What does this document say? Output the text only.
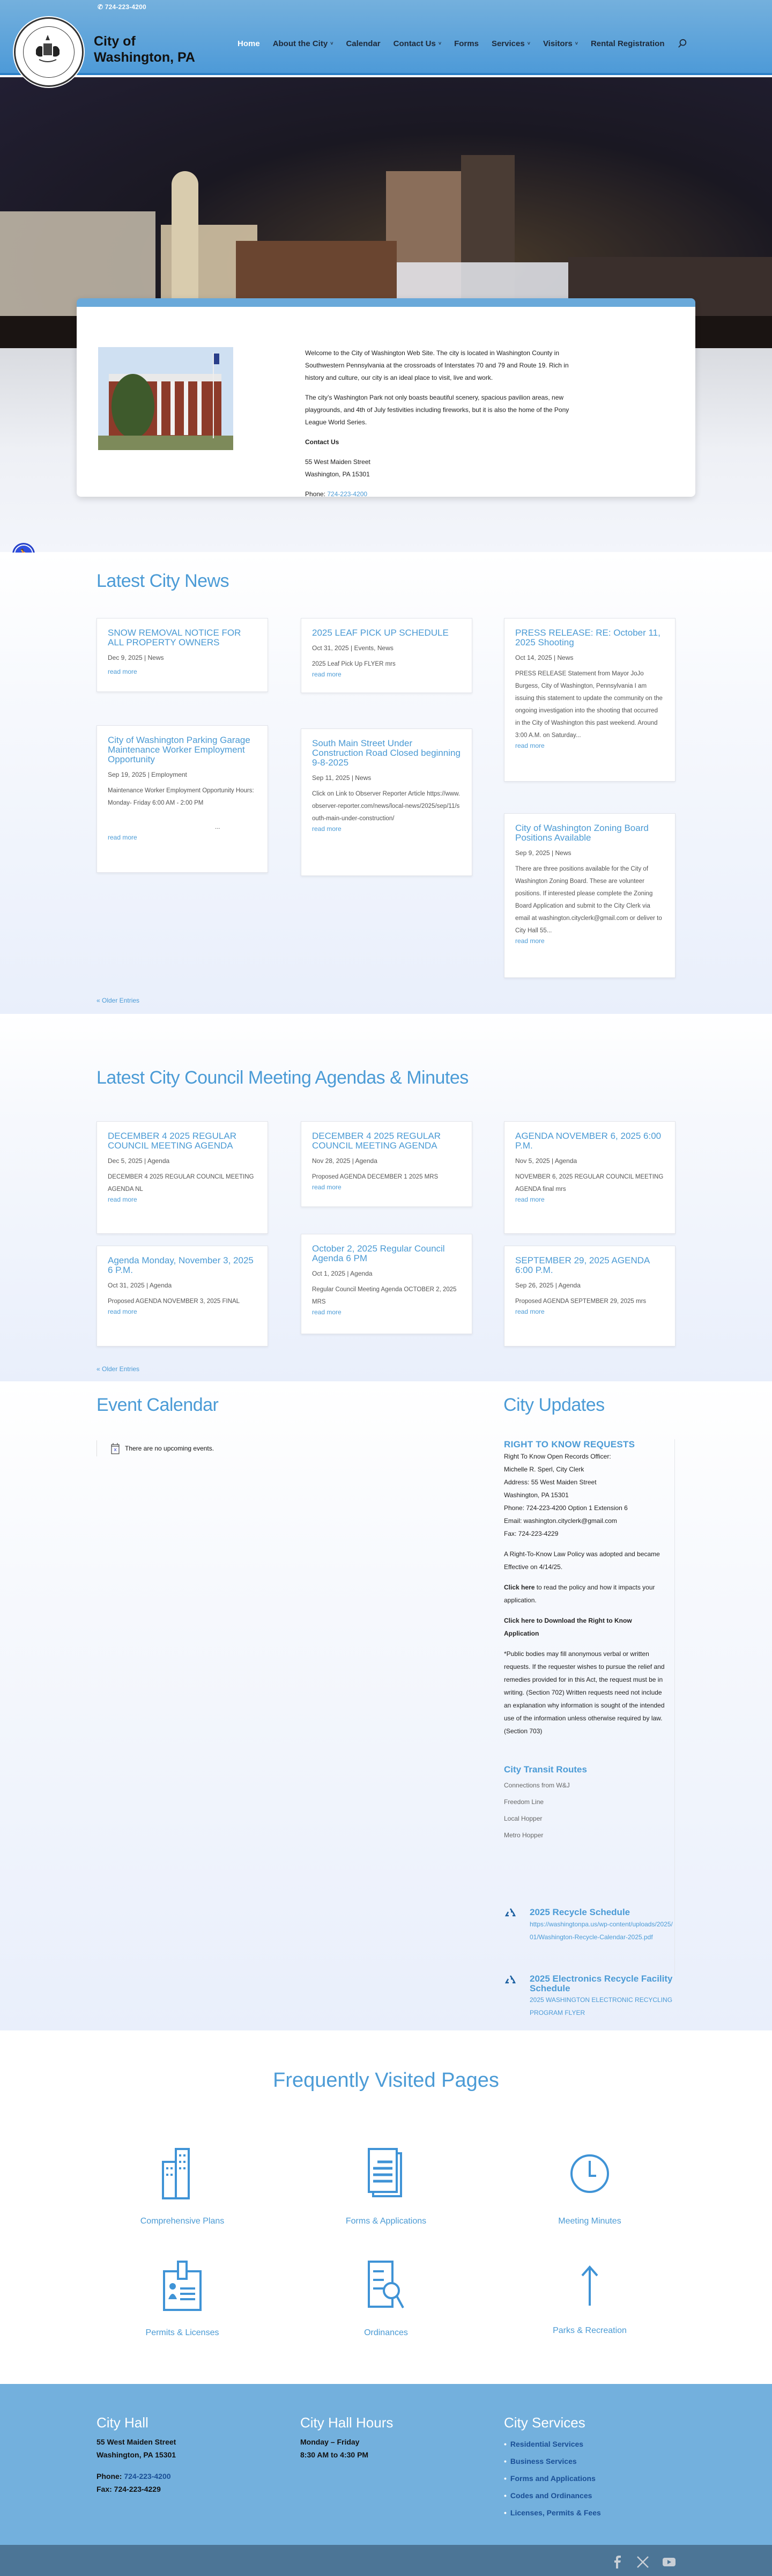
✆ 724-223-4200
City of
Washington, PA
Home About the City ˅ Calendar Contact Us ˅ Forms Services ˅ Visitors ˅ Rental Registration

Welcome to the City of Washington Web Site. The city is located in Washington County in Southwestern Pennsylvania at the crossroads of Interstates 70 and 79 and Route 19. Rich in history and culture, our city is an ideal place to visit, live and work.

The city’s Washington Park not only boasts beautiful scenery, spacious pavilion areas, new playgrounds, and 4th of July festivities including fireworks, but it is also the home of the Pony League World Series.

Contact Us

55 West Maiden Street
Washington, PA 15301

Phone: 724-223-4200

Latest City News
SNOW REMOVAL NOTICE FOR ALL PROPERTY OWNERS
Dec 9, 2025 | News
read more
2025 LEAF PICK UP SCHEDULE
Oct 31, 2025 | Events, News
2025 Leaf Pick Up FLYER mrs
read more
PRESS RELEASE: RE: October 11, 2025 Shooting
Oct 14, 2025 | News
PRESS RELEASE Statement from Mayor JoJo Burgess, City of Washington, Pennsylvania I am issuing this statement to update the community on the ongoing investigation into the shooting that occurred in the City of Washington this past weekend. Around 3:00 A.M. on Saturday...
read more
City of Washington Parking Garage Maintenance Worker Employment Opportunity
Sep 19, 2025 | Employment
Maintenance Worker Employment Opportunity Hours: Monday- Friday 6:00 AM - 2:00 PM
...
read more
South Main Street Under Construction Road Closed beginning 9-8-2025
Sep 11, 2025 | News
Click on Link to Observer Reporter Article https://www.observer-reporter.com/news/local-news/2025/sep/11/south-main-under-construction/
read more	City of Washington Zoning Board Positions Available
Sep 9, 2025 | News
There are three positions available for the City of Washington Zoning Board. These are volunteer positions. If interested please complete the Zoning Board Application and submit to the City Clerk via email at washington.cityclerk@gmail.com or deliver to City Hall 55...
read more
« Older Entries
Latest City Council Meeting Agendas & Minutes
DECEMBER 4 2025 REGULAR COUNCIL MEETING AGENDA
Dec 5, 2025 | Agenda
DECEMBER 4 2025 REGULAR COUNCIL MEETING AGENDA NL
read more
DECEMBER 4 2025 REGULAR COUNCIL MEETING AGENDA
Nov 28, 2025 | Agenda
Proposed AGENDA DECEMBER 1 2025 MRS
read more
AGENDA NOVEMBER 6, 2025 6:00 P.M.
Nov 5, 2025 | Agenda
NOVEMBER 6, 2025 REGULAR COUNCIL MEETING AGENDA final mrs
read more
Agenda Monday, November 3, 2025 6 P.M.
Oct 31, 2025 | Agenda
Proposed AGENDA NOVEMBER 3, 2025 FINAL
read more
October 2, 2025 Regular Council Agenda 6 PM
Oct 1, 2025 | Agenda
Regular Council Meeting Agenda OCTOBER 2, 2025 MRS
read more
SEPTEMBER 29, 2025 AGENDA 6:00 P.M.
Sep 26, 2025 | Agenda
Proposed AGENDA SEPTEMBER 29, 2025 mrs
read more
« Older Entries
Event Calendar
There are no upcoming events.
City Updates
RIGHT TO KNOW REQUESTS
Right To Know Open Records Officer:
Michelle R. Sperl, City Clerk
Address: 55 West Maiden Street
Washington, PA 15301
Phone: 724-223-4200 Option 1 Extension 6
Email: washington.cityclerk@gmail.com
Fax: 724-223-4229
A Right-To-Know Law Policy was adopted and became Effective on 4/14/25.
Click here to read the policy and how it impacts your application.
Click here to Download the Right to Know Application
*Public bodies may fill anonymous verbal or written requests. If the requester wishes to pursue the relief and remedies provided for in this Act, the request must be in writing. (Section 702) Written requests need not include an explanation why information is sought of the intended use of the information unless otherwise required by law. (Section 703)
City Transit Routes
Connections from W&J
Freedom Line
Local Hopper
Metro Hopper
2025 Recycle Schedule
https://washingtonpa.us/wp-content/uploads/2025/01/Washington-Recycle-Calendar-2025.pdf
2025 Electronics Recycle Facility Schedule
2025 WASHINGTON ELECTRONIC RECYCLING PROGRAM FLYER
Frequently Visited Pages
Comprehensive Plans	Forms & Applications	Meeting Minutes
Permits & Licenses	Ordinances	Parks & Recreation
City Hall
55 West Maiden Street
Washington, PA 15301
Phone: 724-223-4200
Fax: 724-223-4229
City Hall Hours
Monday – Friday
8:30 AM to 4:30 PM
City Services
• Residential Services
• Business Services
• Forms and Applications
• Codes and Ordinances
• Licenses, Permits & Fees
